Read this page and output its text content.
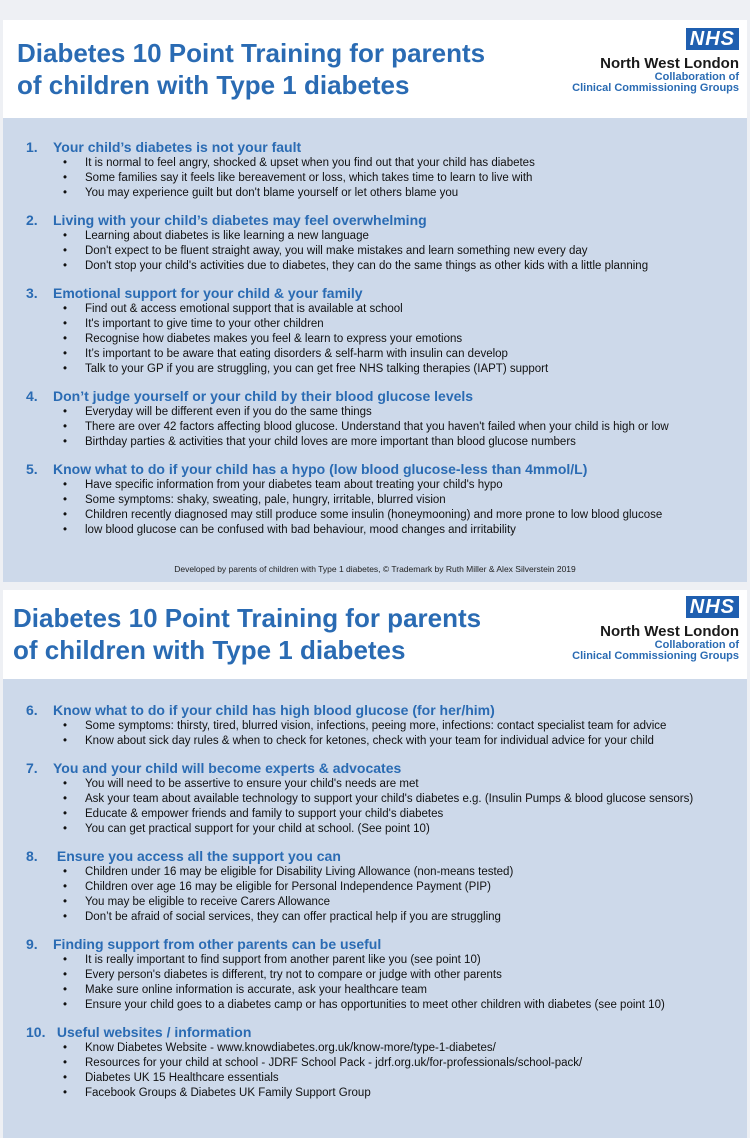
Diabetes 10 Point Training for parents
of children with Type 1 diabetes
NHS
North West London
Collaboration of
Clinical Commissioning Groups
1. Your child’s diabetes is not your fault
• It is normal to feel angry, shocked & upset when you find out that your child has diabetes
• Some families say it feels like bereavement or loss, which takes time to learn to live with
• You may experience guilt but don't blame yourself or let others blame you
2. Living with your child’s diabetes may feel overwhelming
• Learning about diabetes is like learning a new language
• Don't expect to be fluent straight away, you will make mistakes and learn something new every day
• Don't stop your child's activities due to diabetes, they can do the same things as other kids with a little planning
3. Emotional support for your child & your family
• Find out & access emotional support that is available at school
• It's important to give time to your other children
• Recognise how diabetes makes you feel & learn to express your emotions
• It’s important to be aware that eating disorders & self-harm with insulin can develop
• Talk to your GP if you are struggling, you can get free NHS talking therapies (IAPT) support
4. Don’t judge yourself or your child by their blood glucose levels
• Everyday will be different even if you do the same things
• There are over 42 factors affecting blood glucose. Understand that you haven't failed when your child is high or low
• Birthday parties & activities that your child loves are more important than blood glucose numbers
5. Know what to do if your child has a hypo (low blood glucose-less than 4mmol/L)
• Have specific information from your diabetes team about treating your child's hypo
• Some symptoms: shaky, sweating, pale, hungry, irritable, blurred vision
• Children recently diagnosed may still produce some insulin (honeymooning) and more prone to low blood glucose
• low blood glucose can be confused with bad behaviour, mood changes and irritability
Developed by parents of children with Type 1 diabetes, © Trademark by Ruth Miller & Alex Silverstein 2019
Diabetes 10 Point Training for parents
of children with Type 1 diabetes
NHS
North West London
Collaboration of
Clinical Commissioning Groups
6. Know what to do if your child has high blood glucose (for her/him)
• Some symptoms: thirsty, tired, blurred vision, infections, peeing more, infections: contact specialist team for advice
• Know about sick day rules & when to check for ketones, check with your team for individual advice for your child
7. You and your child will become experts & advocates
• You will need to be assertive to ensure your child's needs are met
• Ask your team about available technology to support your child's diabetes e.g. (Insulin Pumps & blood glucose sensors)
• Educate & empower friends and family to support your child's diabetes
• You can get practical support for your child at school. (See point 10)
8. Ensure you access all the support you can
• Children under 16 may be eligible for Disability Living Allowance (non-means tested)
• Children over age 16 may be eligible for Personal Independence Payment (PIP)
• You may be eligible to receive Carers Allowance
• Don’t be afraid of social services, they can offer practical help if you are struggling
9. Finding support from other parents can be useful
• It is really important to find support from another parent like you (see point 10)
• Every person's diabetes is different, try not to compare or judge with other parents
• Make sure online information is accurate, ask your healthcare team
• Ensure your child goes to a diabetes camp or has opportunities to meet other children with diabetes (see point 10)
10. Useful websites / information
• Know Diabetes Website - www.knowdiabetes.org.uk/know-more/type-1-diabetes/
• Resources for your child at school - JDRF School Pack - jdrf.org.uk/for-professionals/school-pack/
• Diabetes UK 15 Healthcare essentials
• Facebook Groups & Diabetes UK Family Support Group
